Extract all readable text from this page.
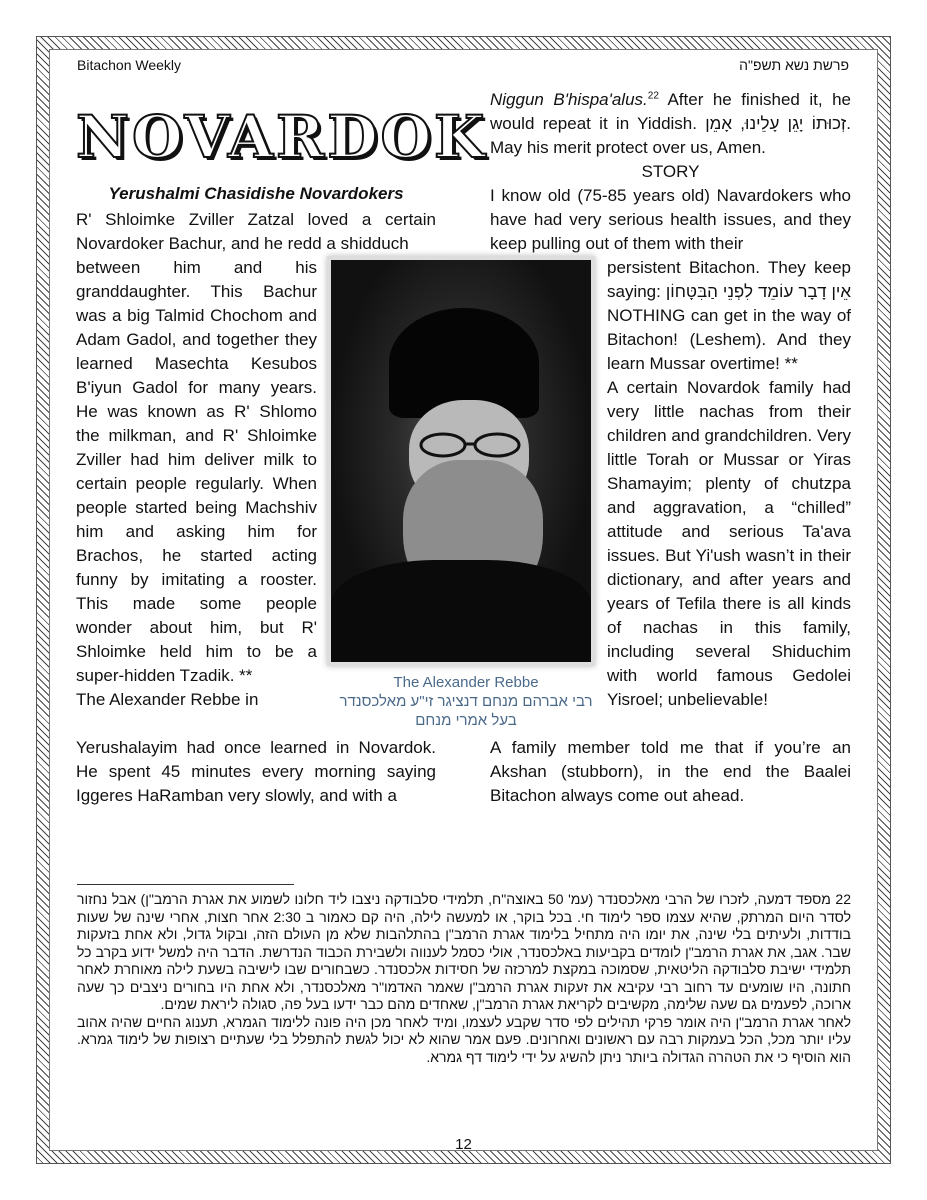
Bitachon Weekly	פרשת נשא תשפ"ה
NOVARDOK
Yerushalmi Chasidishe Novardokers

R' Shloimke Zviller Zatzal loved a certain Novardoker Bachur, and he redd a shidduch

between him and his granddaughter. This Bachur was a big Talmid Chochom and Adam Gadol, and together they learned Masechta Kesubos B'iyun Gadol for many years. He was known as R' Shlomo the milkman, and R' Shloimke Zviller had him deliver milk to certain people regularly. When people started being Machshiv him and asking him for Brachos, he started acting funny by imitating a rooster. This made some people wonder about him, but R' Shloimke held him to be a super-hidden Tzadik. **

The Alexander Rebbe in

Yerushalayim had once learned in Novardok. He spent 45 minutes every morning saying Iggeres HaRamban very slowly, and with a

Niggun B'hispa'alus.$^{22}$ After he finished it, he would repeat it in Yiddish. זְכוּתוֹ יָגֵן עָלֵינוּ, אָמֵן. May his merit protect over us, Amen.

STORY

I know old (75-85 years old) Navardokers who have had very serious health issues, and they keep pulling out of them with their

persistent Bitachon. They keep saying: אֵין דָבָר עוֹמֵד לִפְנֵי הַבִּטָּחוֹן NOTHING can get in the way of Bitachon! (Leshem). And they learn Mussar overtime! **

A certain Novardok family had very little nachas from their children and grandchildren. Very little Torah or Mussar or Yiras Shamayim; plenty of chutzpa and aggravation, a “chilled” attitude and serious Ta'ava issues. But Yi'ush wasn’t in their dictionary, and after years and years of Tefila there is all kinds of nachas in this family, including several Shiduchim with world famous Gedolei Yisroel; unbelievable!

A family member told me that if you’re an Akshan (stubborn), in the end the Baalei Bitachon always come out ahead.

The Alexander Rebbe
רבי אברהם מנחם דנציגר זי"ע מאלכסנדר בעל אמרי מנחם

22 מספד דמעה, לזכרו של הרבי מאלכסנדר (עמ' 50 באוצה"ח, תלמידי סלבודקה ניצבו ליד חלונו לשמוע את אגרת הרמב"ן) אבל נחזור לסדר היום המרתק, שהיא עצמו ספר לימוד חי. בכל בוקר, או למעשה לילה, היה קם כאמור ב 2:30 אחר חצות, אחרי שינה של שעות בודדות, ולעיתים בלי שינה, את יומו היה מתחיל בלימוד אגרת הרמב"ן בהתלהבות שלא מן העולם הזה, ובקול גדול, ולא אחת בזעקות שבר. אגב, את אגרת הרמב"ן לומדים בקביעות באלכסנדר, אולי כסמל לענווה ולשבירת הכבוד הנדרשת. הדבר היה למשל ידוע בקרב כל תלמידי ישיבת סלבודקה הליטאית, שסמוכה במקצת למרכזה של חסידות אלכסנדר. כשבחורים שבו לישיבה בשעת לילה מאוחרת לאחר חתונה, היו שומעים עד רחוב רבי עקיבא את זעקות אגרת הרמב"ן שאמר האדמו"ר מאלכסנדר, ולא אחת היו בחורים ניצבים כך שעה ארוכה, לפעמים גם שעה שלימה, מקשיבים לקריאת אגרת הרמב"ן, שאחדים מהם כבר ידעו בעל פה, סגולה ליראת שמים.

לאחר אגרת הרמב"ן היה אומר פרקי תהילים לפי סדר שקבע לעצמו, ומיד לאחר מכן היה פונה ללימוד הגמרא, תענוג החיים שהיה אהוב עליו יותר מכל, הכל בעמקות רבה עם ראשונים ואחרונים. פעם אמר שהוא לא יכול לגשת להתפלל בלי שעתיים רצופות של לימוד גמרא. הוא הוסיף כי את הטהרה הגדולה ביותר ניתן להשיג על ידי לימוד דף גמרא.

12
